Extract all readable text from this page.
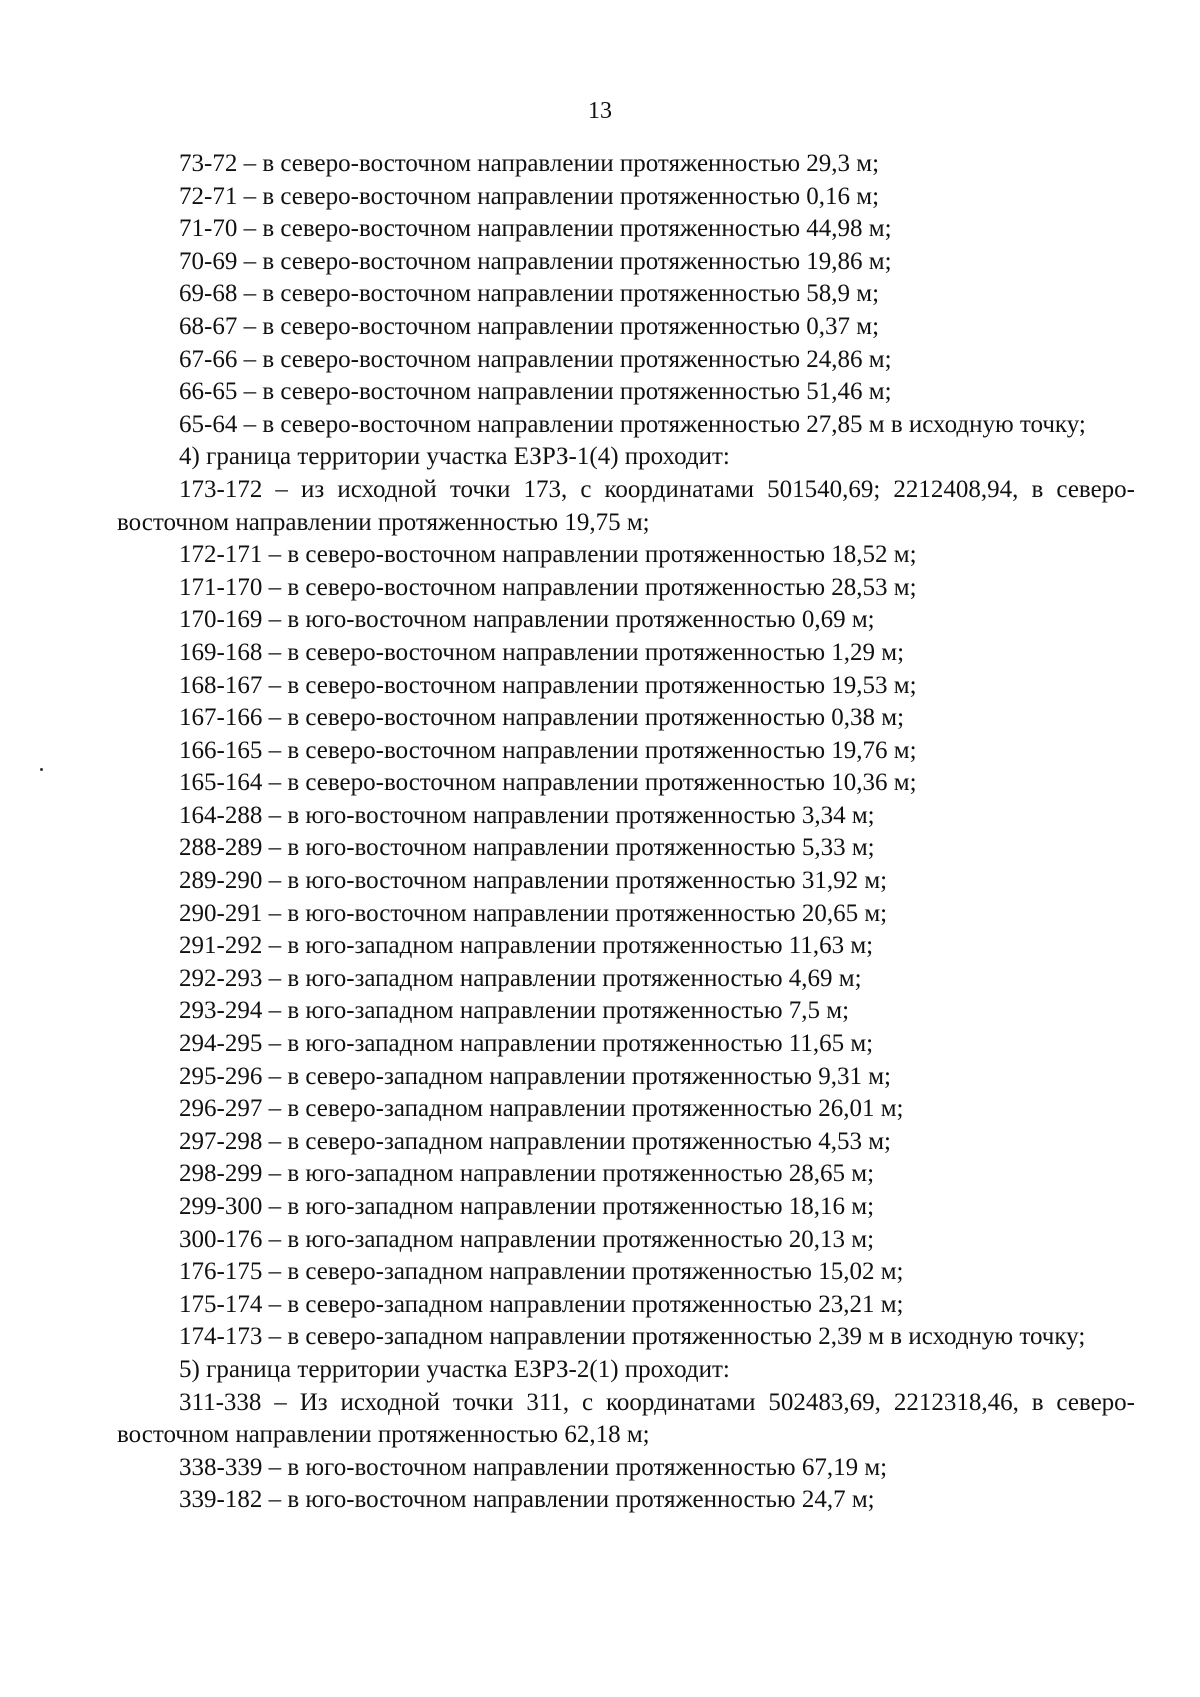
13
73-72 – в северо-восточном направлении протяженностью 29,3 м;
72-71 – в северо-восточном направлении протяженностью 0,16 м;
71-70 – в северо-восточном направлении протяженностью 44,98 м;
70-69 – в северо-восточном направлении протяженностью 19,86 м;
69-68 – в северо-восточном направлении протяженностью 58,9 м;
68-67 – в северо-восточном направлении протяженностью 0,37 м;
67-66 – в северо-восточном направлении протяженностью 24,86 м;
66-65 – в северо-восточном направлении протяженностью 51,46 м;
65-64 – в северо-восточном направлении протяженностью 27,85 м в исходную точку;
4) граница территории участка ЕЗРЗ-1(4) проходит:
173-172 – из исходной точки 173, с координатами 501540,69; 2212408,94, в северо- восточном направлении протяженностью 19,75 м;
172-171 – в северо-восточном направлении протяженностью 18,52 м;
171-170 – в северо-восточном направлении протяженностью 28,53 м;
170-169 – в юго-восточном направлении протяженностью 0,69 м;
169-168 – в северо-восточном направлении протяженностью 1,29 м;
168-167 – в северо-восточном направлении протяженностью 19,53 м;
167-166 – в северо-восточном направлении протяженностью 0,38 м;
166-165 – в северо-восточном направлении протяженностью 19,76 м;
165-164 – в северо-восточном направлении протяженностью 10,36 м;
164-288 – в юго-восточном направлении протяженностью 3,34 м;
288-289 – в юго-восточном направлении протяженностью 5,33 м;
289-290 – в юго-восточном направлении протяженностью 31,92 м;
290-291 – в юго-восточном направлении протяженностью 20,65 м;
291-292 – в юго-западном направлении протяженностью 11,63 м;
292-293 – в юго-западном направлении протяженностью 4,69 м;
293-294 – в юго-западном направлении протяженностью 7,5 м;
294-295 – в юго-западном направлении протяженностью 11,65 м;
295-296 – в северо-западном направлении протяженностью 9,31 м;
296-297 – в северо-западном направлении протяженностью 26,01 м;
297-298 – в северо-западном направлении протяженностью 4,53 м;
298-299 – в юго-западном направлении протяженностью 28,65 м;
299-300 – в юго-западном направлении протяженностью 18,16 м;
300-176 – в юго-западном направлении протяженностью 20,13 м;
176-175 – в северо-западном направлении протяженностью 15,02 м;
175-174 – в северо-западном направлении протяженностью 23,21 м;
174-173 – в северо-западном направлении протяженностью 2,39 м в исходную точку;
5) граница территории участка ЕЗРЗ-2(1) проходит:
311-338 – Из исходной точки 311, с координатами 502483,69, 2212318,46, в северо- восточном направлении протяженностью 62,18 м;
338-339 – в юго-восточном направлении протяженностью 67,19 м;
339-182 – в юго-восточном направлении протяженностью 24,7 м;
